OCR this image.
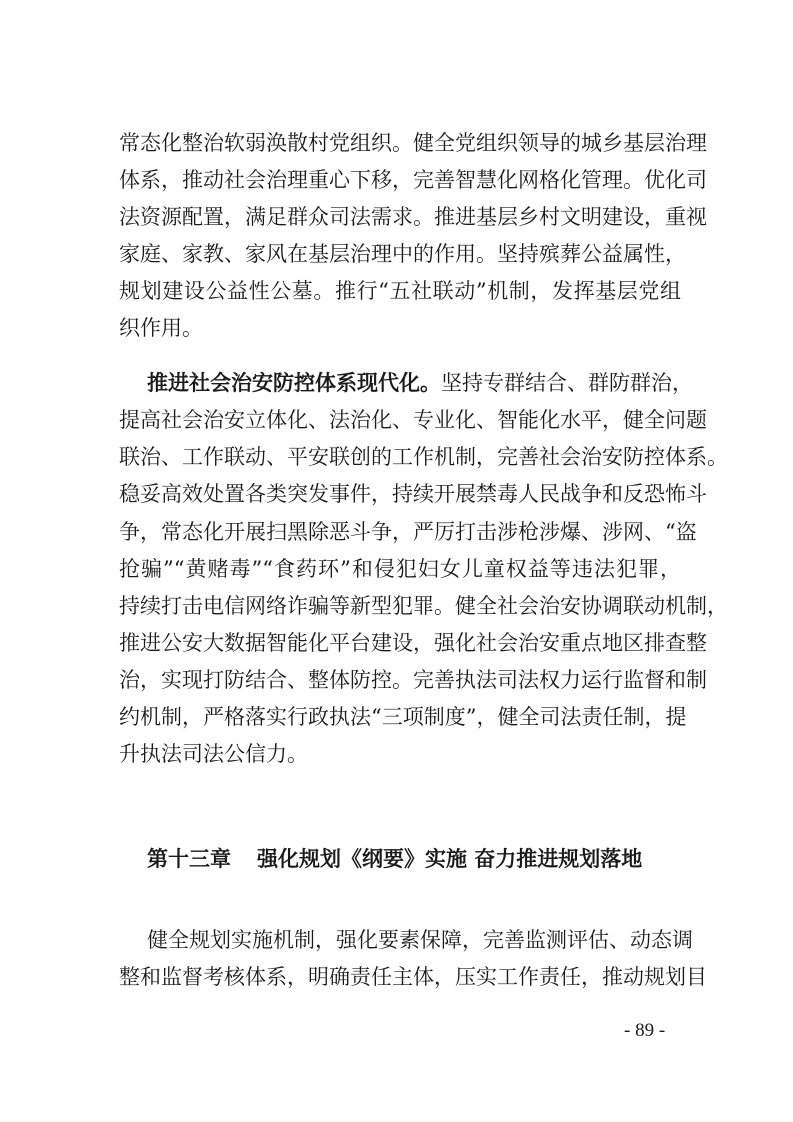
常态化整治软弱涣散村党组织。健全党组织领导的城乡基层治理
体系，推动社会治理重心下移，完善智慧化网格化管理。优化司
法资源配置，满足群众司法需求。推进基层乡村文明建设，重视
家庭、家教、家风在基层治理中的作用。坚持殡葬公益属性，
规划建设公益性公墓。推行“五社联动”机制，发挥基层党组
织作用。
推进社会治安防控体系现代化。坚持专群结合、群防群治，
提高社会治安立体化、法治化、专业化、智能化水平，健全问题
联治、工作联动、平安联创的工作机制，完善社会治安防控体系。
稳妥高效处置各类突发事件，持续开展禁毒人民战争和反恐怖斗
争，常态化开展扫黑除恶斗争，严厉打击涉枪涉爆、涉网、“盗
抢骗”“黄赌毒”“食药环”和侵犯妇女儿童权益等违法犯罪，
持续打击电信网络诈骗等新型犯罪。健全社会治安协调联动机制，
推进公安大数据智能化平台建设，强化社会治安重点地区排查整
治，实现打防结合、整体防控。完善执法司法权力运行监督和制
约机制，严格落实行政执法“三项制度”，健全司法责任制，提
升执法司法公信力。
第十三章 强化规划《纲要》实施 奋力推进规划落地
健全规划实施机制，强化要素保障，完善监测评估、动态调
整和监督考核体系，明确责任主体，压实工作责任，推动规划目
- 89 -
